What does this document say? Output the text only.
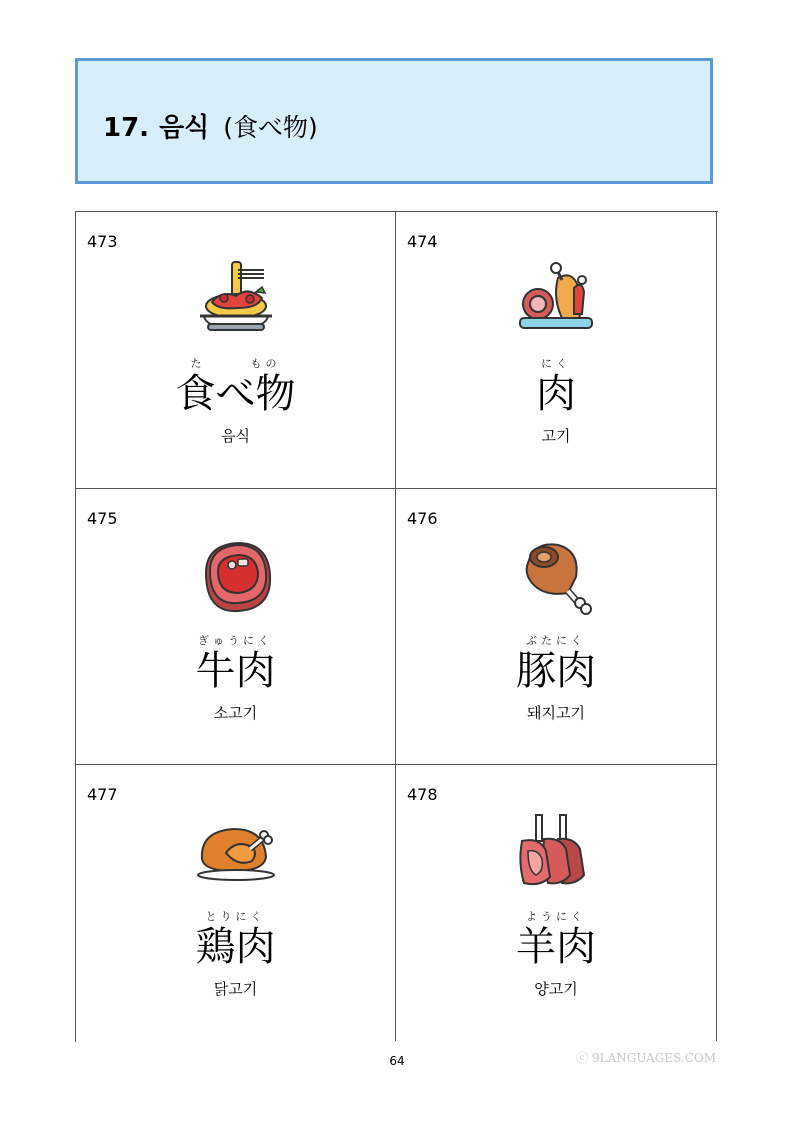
17. 음식 (食べ物)
473
た　　　もの
食べ物
음식
474
にく
肉
고기
475
ぎゅうにく
牛肉
소고기
476
ぶたにく
豚肉
돼지고기
477
とりにく
鶏肉
닭고기
478
ようにく
羊肉
양고기
ⓒ 9LANGUAGES.COM
64
